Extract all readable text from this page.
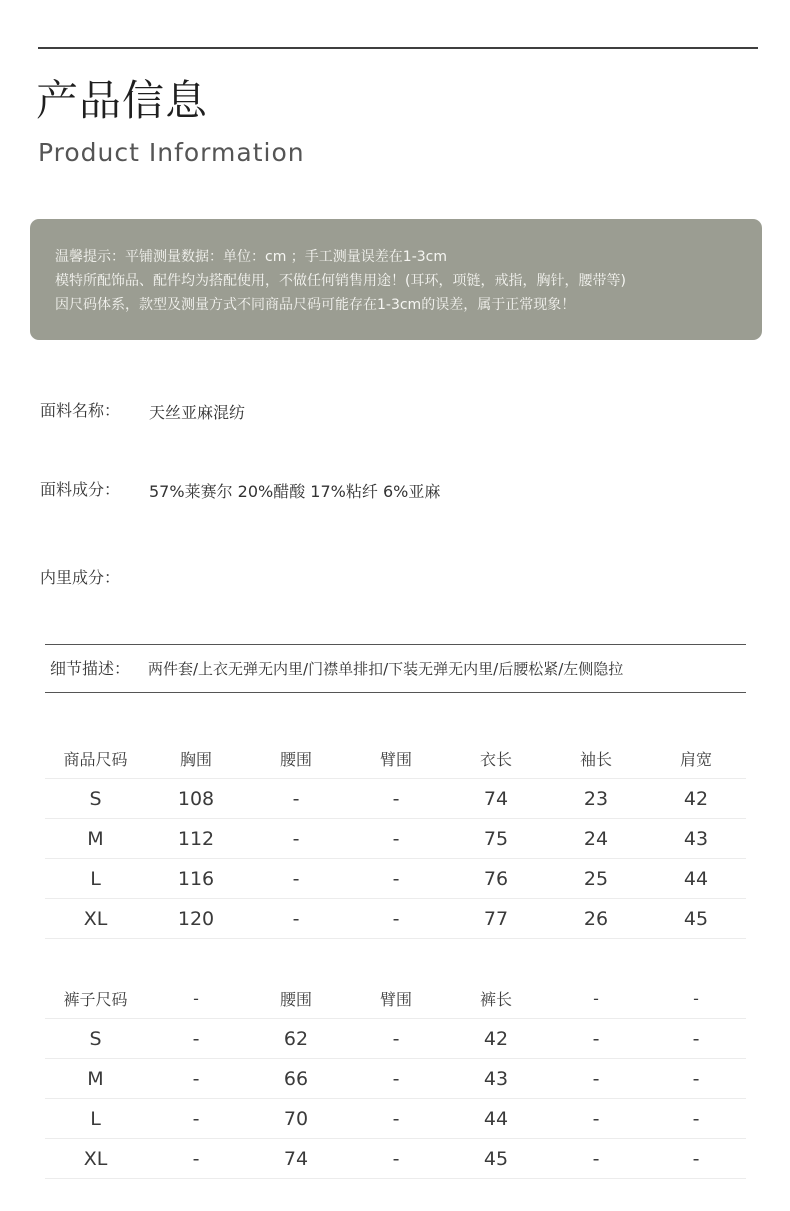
产品信息
Product Information
温馨提示：平铺测量数据：单位：cm ；手工测量误差在1-3cm
模特所配饰品、配件均为搭配使用，不做任何销售用途！(耳环，项链，戒指，胸针，腰带等)
因尺码体系，款型及测量方式不同商品尺码可能存在1-3cm的误差，属于正常现象！
面料名称： 天丝亚麻混纺
面料成分： 57%莱赛尔 20%醋酸 17%粘纤 6%亚麻
内里成分：
细节描述： 两件套/上衣无弹无内里/门襟单排扣/下装无弹无内里/后腰松紧/左侧隐拉
商品尺码	胸围	腰围	臂围	衣长	袖长	肩宽
S	108	-	-	74	23	42
M	112	-	-	75	24	43
L	116	-	-	76	25	44
XL	120	-	-	77	26	45
裤子尺码	-	腰围	臂围	裤长	-	-
S	-	62	-	42	-	-
M	-	66	-	43	-	-
L	-	70	-	44	-	-
XL	-	74	-	45	-	-
